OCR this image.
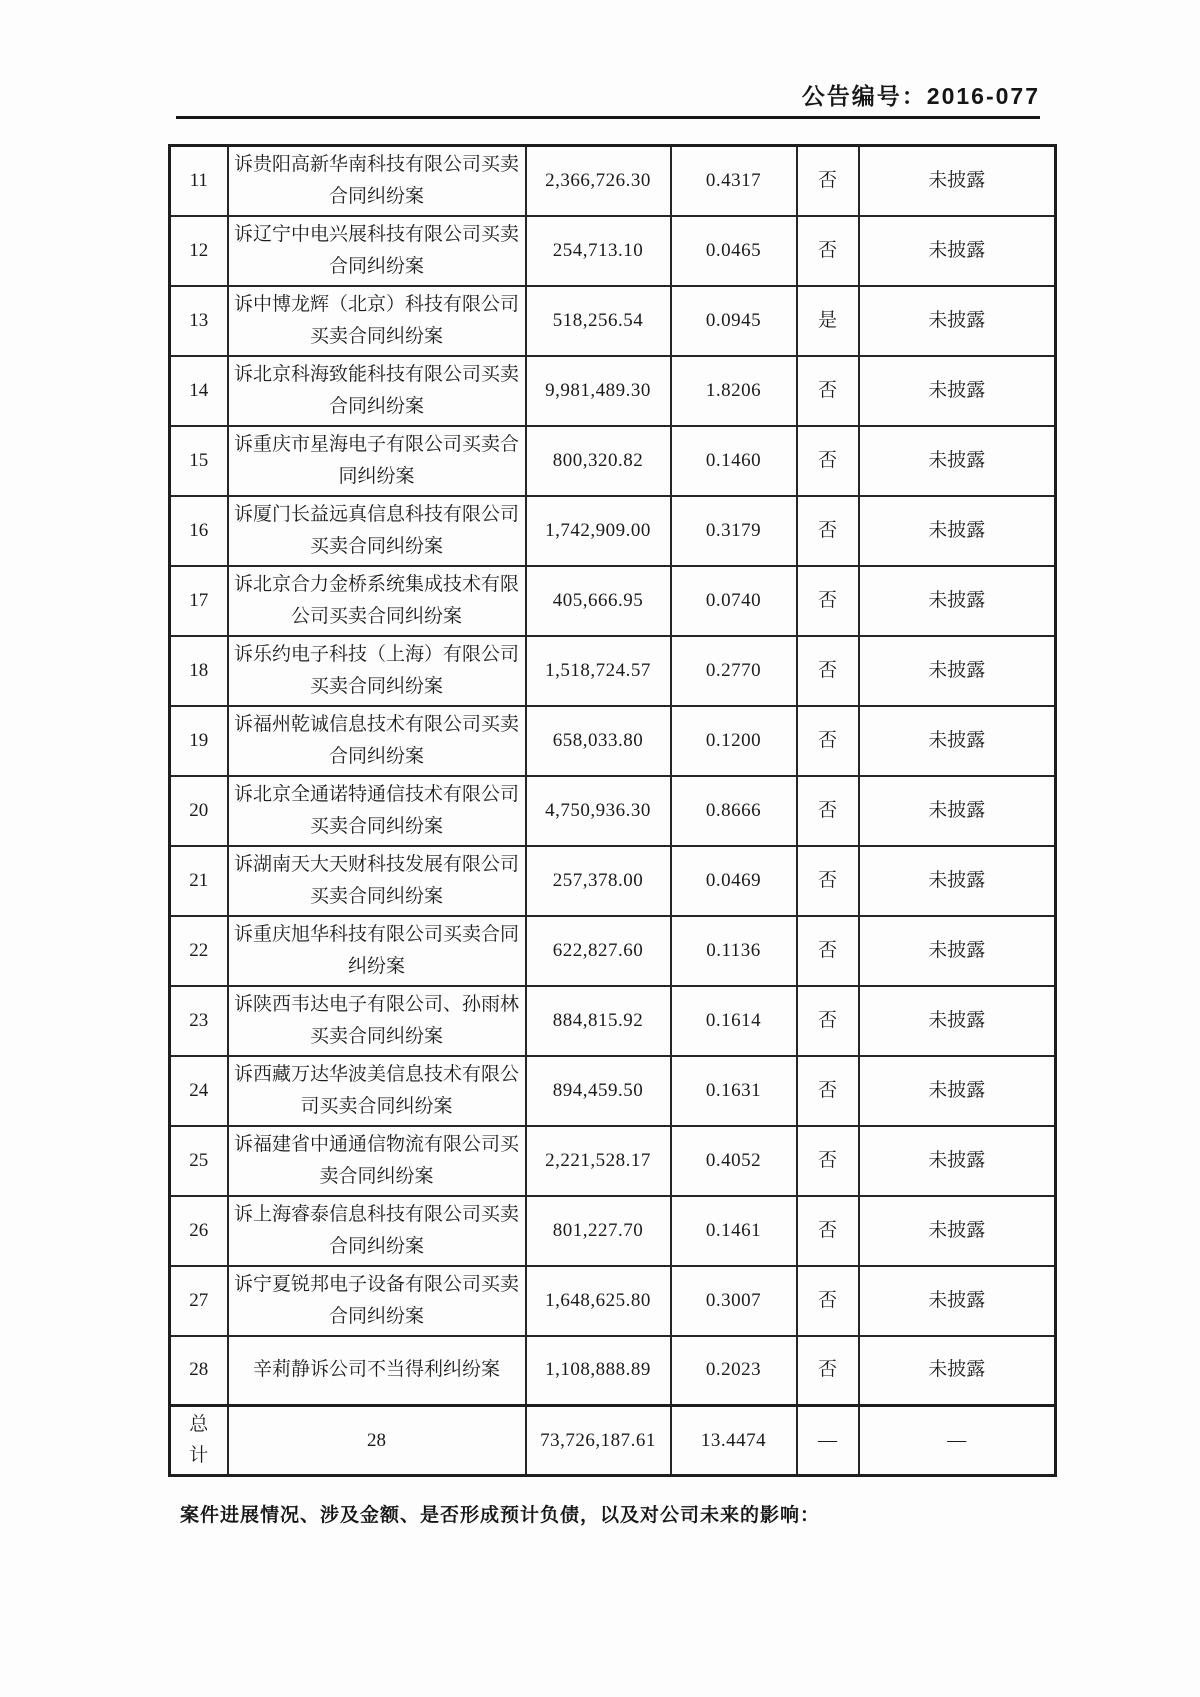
公告编号：2016-077
11	诉贵阳高新华南科技有限公司买卖合同纠纷案	2,366,726.30	0.4317	否	未披露
12	诉辽宁中电兴展科技有限公司买卖合同纠纷案	254,713.10	0.0465	否	未披露
13	诉中博龙辉（北京）科技有限公司买卖合同纠纷案	518,256.54	0.0945	是	未披露
14	诉北京科海致能科技有限公司买卖合同纠纷案	9,981,489.30	1.8206	否	未披露
15	诉重庆市星海电子有限公司买卖合同纠纷案	800,320.82	0.1460	否	未披露
16	诉厦门长益远真信息科技有限公司买卖合同纠纷案	1,742,909.00	0.3179	否	未披露
17	诉北京合力金桥系统集成技术有限公司买卖合同纠纷案	405,666.95	0.0740	否	未披露
18	诉乐约电子科技（上海）有限公司买卖合同纠纷案	1,518,724.57	0.2770	否	未披露
19	诉福州乾诚信息技术有限公司买卖合同纠纷案	658,033.80	0.1200	否	未披露
20	诉北京全通诺特通信技术有限公司买卖合同纠纷案	4,750,936.30	0.8666	否	未披露
21	诉湖南天大天财科技发展有限公司买卖合同纠纷案	257,378.00	0.0469	否	未披露
22	诉重庆旭华科技有限公司买卖合同纠纷案	622,827.60	0.1136	否	未披露
23	诉陕西韦达电子有限公司、孙雨林买卖合同纠纷案	884,815.92	0.1614	否	未披露
24	诉西藏万达华波美信息技术有限公司买卖合同纠纷案	894,459.50	0.1631	否	未披露
25	诉福建省中通通信物流有限公司买卖合同纠纷案	2,221,528.17	0.4052	否	未披露
26	诉上海睿泰信息科技有限公司买卖合同纠纷案	801,227.70	0.1461	否	未披露
27	诉宁夏锐邦电子设备有限公司买卖合同纠纷案	1,648,625.80	0.3007	否	未披露
28	辛莉静诉公司不当得利纠纷案	1,108,888.89	0.2023	否	未披露
总计	28	73,726,187.61	13.4474	—	—
案件进展情况、涉及金额、是否形成预计负债，以及对公司未来的影响：
